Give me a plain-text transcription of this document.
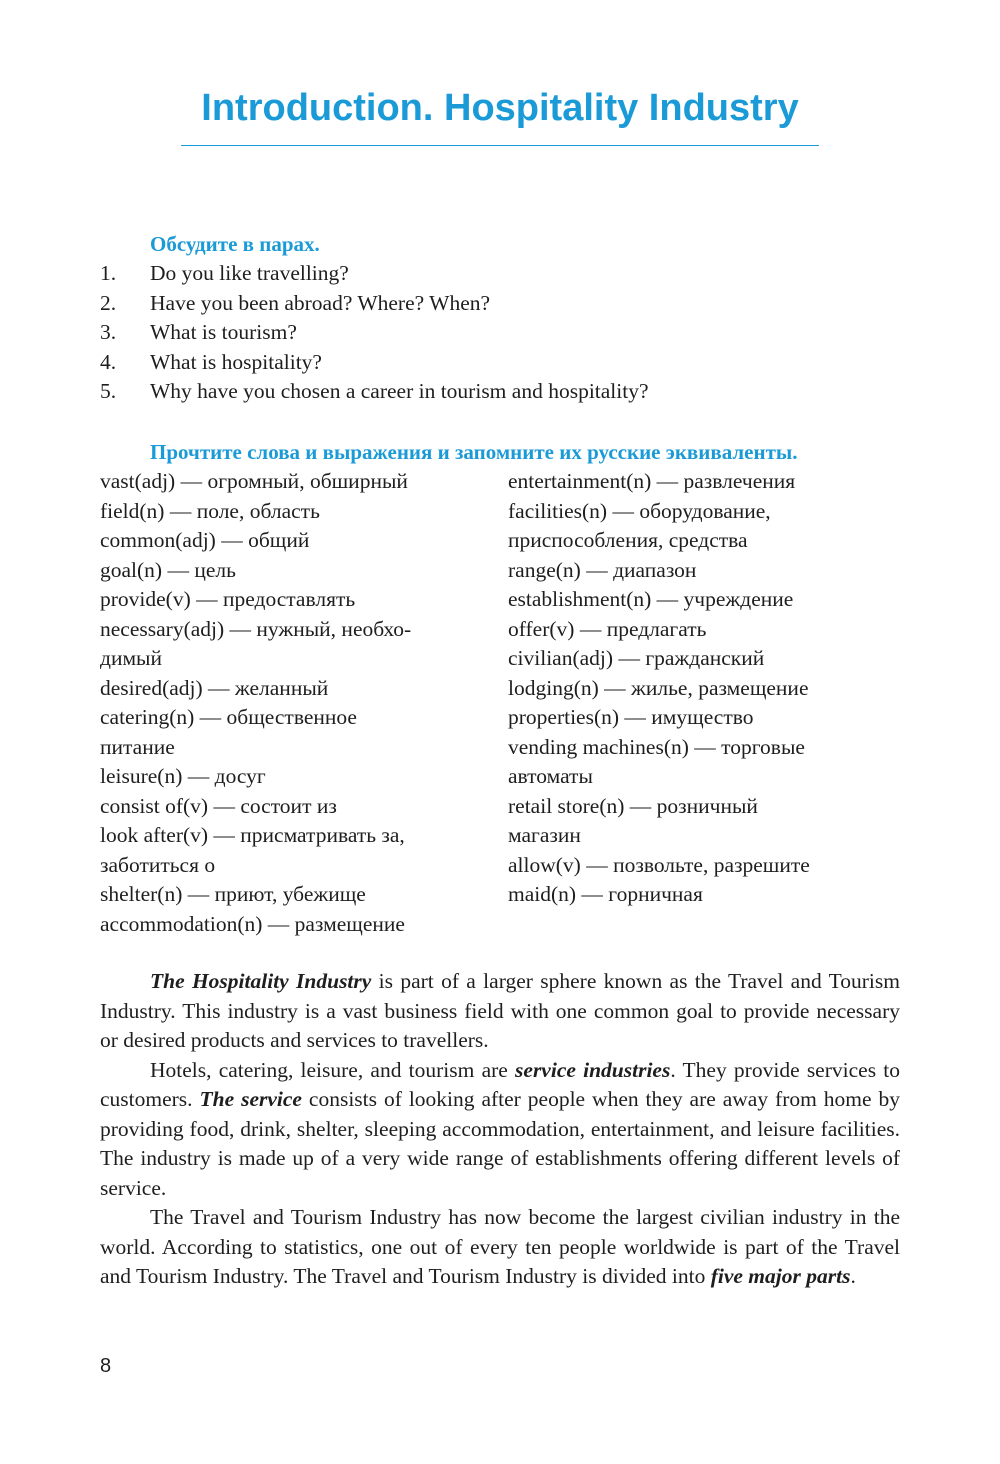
Introduction. Hospitality Industry
Обсудите в парах.
1. Do you like travelling?
2. Have you been abroad? Where? When?
3. What is tourism?
4. What is hospitality?
5. Why have you chosen a career in tourism and hospitality?
Прочтите слова и выражения и запомните их русские эквиваленты.
vast(adj) — огромный, обширный
field(n) — поле, область
common(adj) — общий
goal(n) — цель
provide(v) — предоставлять
necessary(adj) — нужный, необхо-
димый
desired(adj) — желанный
catering(n) — общественное
питание
leisure(n) — досуг
consist of(v) — состоит из
look after(v) — присматривать за,
заботиться о
shelter(n) — приют, убежище
accommodation(n) — размещение
entertainment(n) — развлечения
facilities(n) — оборудование,
приспособления, средства
range(n) — диапазон
establishment(n) — учреждение
offer(v) — предлагать
civilian(adj) — гражданский
lodging(n) — жилье, размещение
properties(n) — имущество
vending machines(n) — торговые
автоматы
retail store(n) — розничный
магазин
allow(v) — позвольте, разрешите
maid(n) — горничная

The Hospitality Industry is part of a larger sphere known as the Travel and Tourism Industry. This industry is a vast business field with one common goal to provide necessary or desired products and services to travellers.

Hotels, catering, leisure, and tourism are service industries. They provide services to customers. The service consists of looking after people when they are away from home by providing food, drink, shelter, sleeping accommodation, entertainment, and leisure facilities. The industry is made up of a very wide range of establishments offering different levels of service.

The Travel and Tourism Industry has now become the largest civilian industry in the world. According to statistics, one out of every ten people worldwide is part of the Travel and Tourism Industry. The Travel and Tourism Industry is divided into five major parts.

8
